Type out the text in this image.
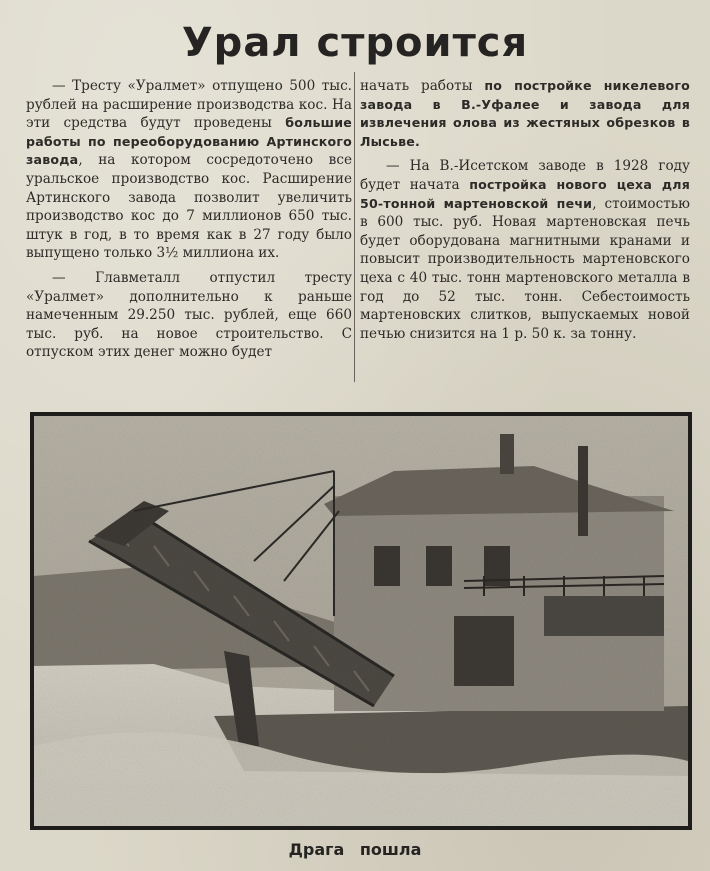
Урал строится

— Тресту «Уралмет» отпущено 500 тыс. рублей на расширение производства кос. На эти средства будут проведены большие работы по переоборудованию Артинского завода, на котором сосредоточено все уральское производство кос. Расширение Артинского завода позволит увеличить производство кос до 7 миллионов 650 тыс. штук в год, в то время как в 27 году было выпущено только 3½ миллиона их.

— Главметалл отпустил тресту «Уралмет» дополнительно к раньше намеченным 29.250 тыс. рублей, еще 660 тыс. руб. на новое строительство. С отпуском этих денег можно будет

начать работы по постройке никелевого завода в В.-Уфалее и завода для извлечения олова из жестяных обрезков в Лысьве.

— На В.-Исетском заводе в 1928 году будет начата постройка нового цеха для 50-тонной мартеновской печи, стоимостью в 600 тыс. руб. Новая мартеновская печь будет оборудована магнитными кранами и повысит производительность мартеновского цеха с 40 тыс. тонн мартеновского металла в год до 52 тыс. тонн. Себестоимость мартеновских слитков, выпускаемых новой печью снизится на 1 р. 50 к. за тонну.

Драга пошла
